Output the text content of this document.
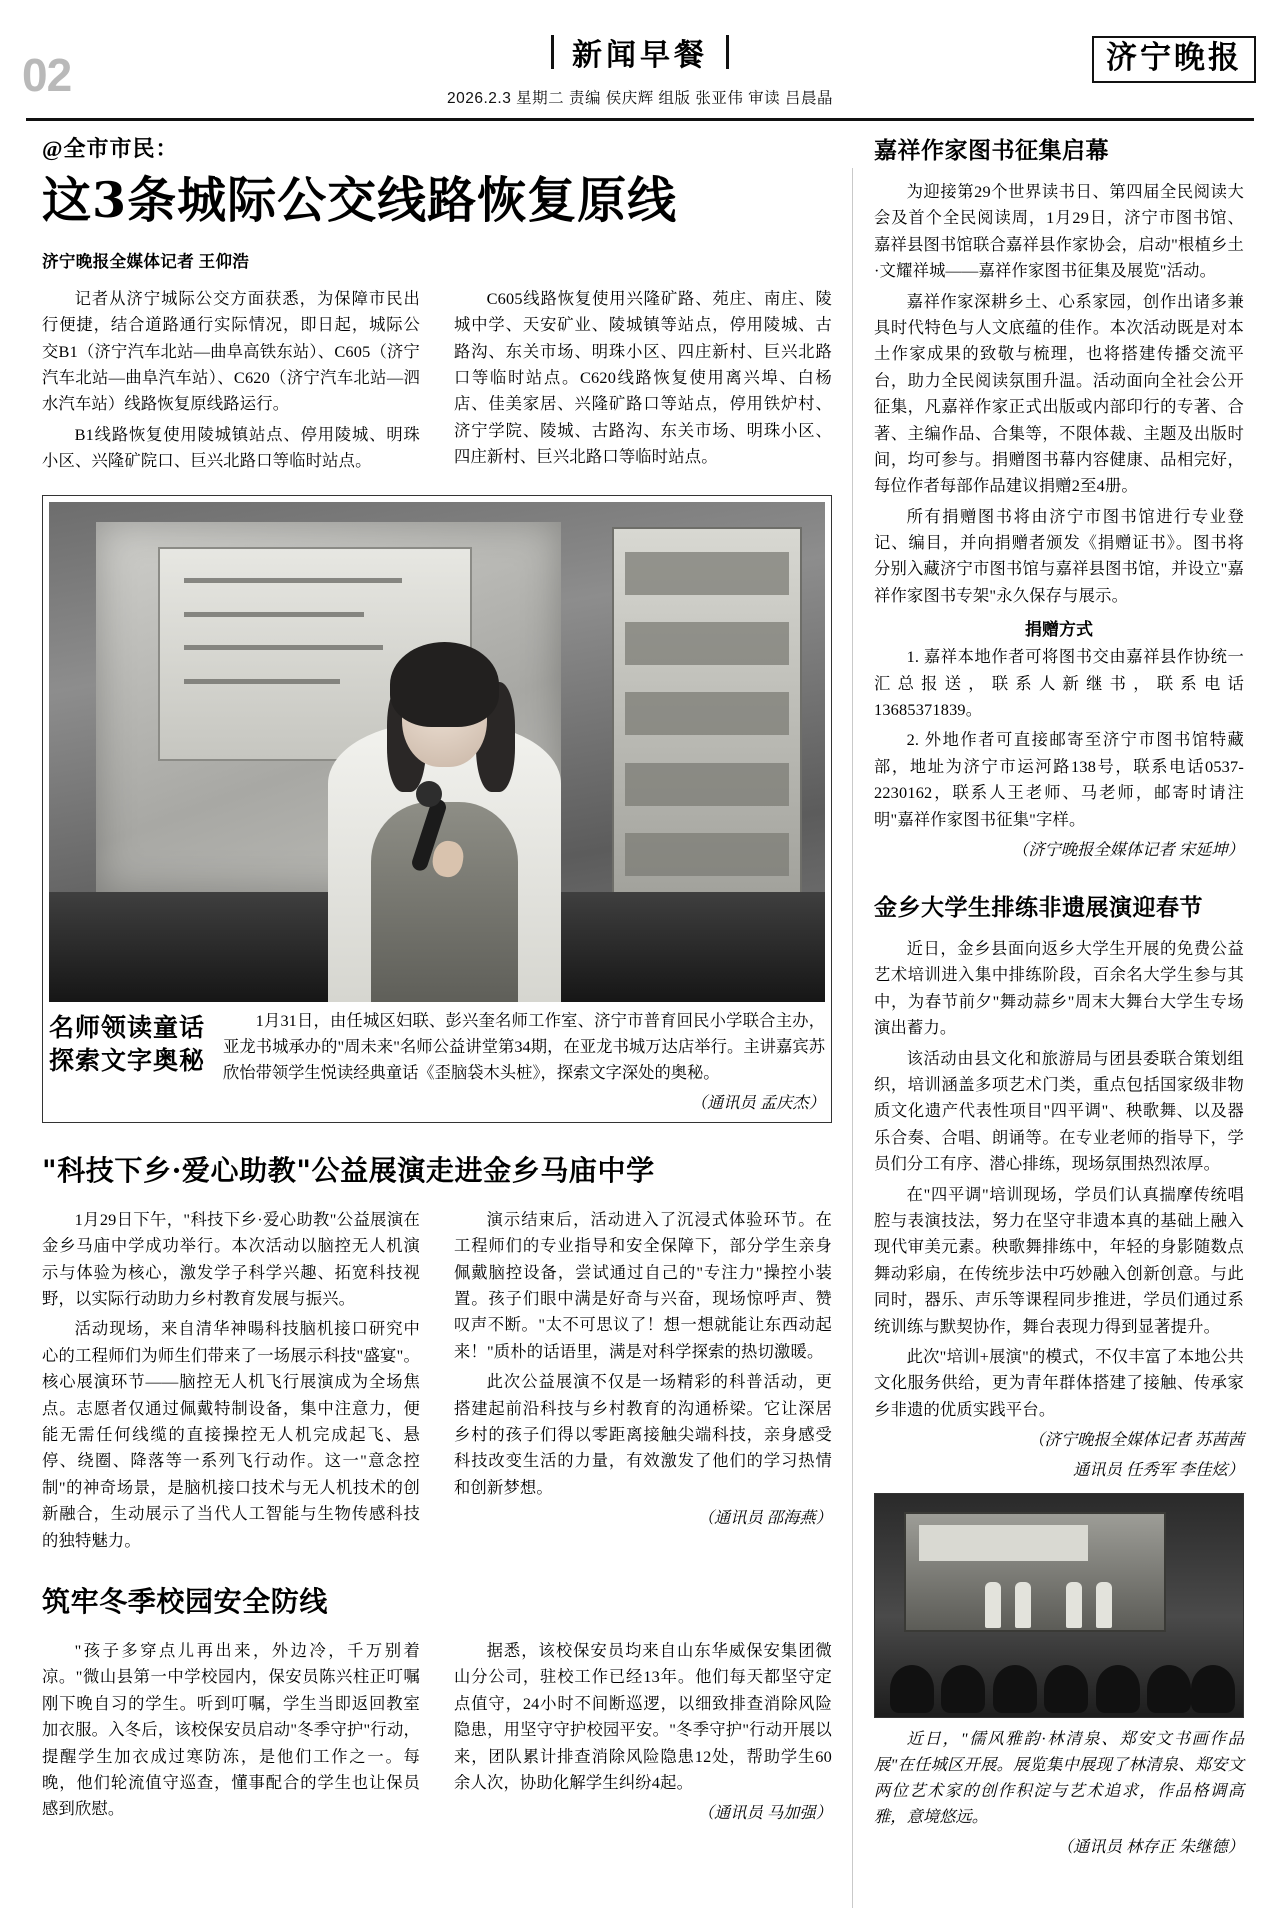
02	新闻早餐
2026.2.3 星期二 责编 侯庆辉 组版 张亚伟 审读 吕晨晶
济宁晚报
@全市市民：
这3条城际公交线路恢复原线
济宁晚报全媒体记者 王仰浩

记者从济宁城际公交方面获悉，为保障市民出行便捷，结合道路通行实际情况，即日起，城际公交B1（济宁汽车北站—曲阜高铁东站）、C605（济宁汽车北站—曲阜汽车站）、C620（济宁汽车北站—泗水汽车站）线路恢复原线路运行。

B1线路恢复使用陵城镇站点、停用陵城、明珠小区、兴隆矿院口、巨兴北路口等临时站点。

C605线路恢复使用兴隆矿路、苑庄、南庄、陵城中学、天安矿业、陵城镇等站点，停用陵城、古路沟、东关市场、明珠小区、四庄新村、巨兴北路口等临时站点。C620线路恢复使用离兴埠、白杨店、佳美家居、兴隆矿路口等站点，停用铁炉村、济宁学院、陵城、古路沟、东关市场、明珠小区、四庄新村、巨兴北路口等临时站点。

名师领读童话
探索文字奥秘
1月31日，由任城区妇联、彭兴奎名师工作室、济宁市普育回民小学联合主办，亚龙书城承办的"周未来"名师公益讲堂第34期，在亚龙书城万达店举行。主讲嘉宾苏欣怡带领学生悦读经典童话《歪脑袋木头桩》，探索文字深处的奥秘。

（通讯员 孟庆杰）

"科技下乡·爱心助教"公益展演走进金乡马庙中学

1月29日下午，"科技下乡·爱心助教"公益展演在金乡马庙中学成功举行。本次活动以脑控无人机演示与体验为核心，激发学子科学兴趣、拓宽科技视野，以实际行动助力乡村教育发展与振兴。

活动现场，来自清华神暘科技脑机接口研究中心的工程师们为师生们带来了一场展示科技"盛宴"。核心展演环节——脑控无人机飞行展演成为全场焦点。志愿者仅通过佩戴特制设备，集中注意力，便能无需任何线缆的直接操控无人机完成起飞、悬停、绕圈、降落等一系列飞行动作。这一"意念控制"的神奇场景，是脑机接口技术与无人机技术的创新融合，生动展示了当代人工智能与生物传感科技的独特魅力。

演示结束后，活动进入了沉浸式体验环节。在工程师们的专业指导和安全保障下，部分学生亲身佩戴脑控设备，尝试通过自己的"专注力"操控小装置。孩子们眼中满是好奇与兴奋，现场惊呼声、赞叹声不断。"太不可思议了！想一想就能让东西动起来！"质朴的话语里，满是对科学探索的热切激暖。

此次公益展演不仅是一场精彩的科普活动，更搭建起前沿科技与乡村教育的沟通桥梁。它让深居乡村的孩子们得以零距离接触尖端科技，亲身感受科技改变生活的力量，有效激发了他们的学习热情和创新梦想。

（通讯员 邵海燕）

筑牢冬季校园安全防线

"孩子多穿点儿再出来，外边冷，千万别着凉。"微山县第一中学校园内，保安员陈兴柱正叮嘱刚下晚自习的学生。听到叮嘱，学生当即返回教室加衣服。入冬后，该校保安员启动"冬季守护"行动，提醒学生加衣成过寒防冻，是他们工作之一。每晚，他们轮流值守巡查，懂事配合的学生也让保员感到欣慰。

据悉，该校保安员均来自山东华威保安集团微山分公司，驻校工作已经13年。他们每天都坚守定点值守，24小时不间断巡逻，以细致排查消除风险隐患，用坚守守护校园平安。"冬季守护"行动开展以来，团队累计排查消除风险隐患12处，帮助学生60余人次，协助化解学生纠纷4起。

（通讯员 马加强）

嘉祥作家图书征集启幕

为迎接第29个世界读书日、第四届全民阅读大会及首个全民阅读周，1月29日，济宁市图书馆、嘉祥县图书馆联合嘉祥县作家协会，启动"根植乡土·文耀祥城——嘉祥作家图书征集及展览"活动。

嘉祥作家深耕乡土、心系家园，创作出诸多兼具时代特色与人文底蕴的佳作。本次活动既是对本土作家成果的致敬与梳理，也将搭建传播交流平台，助力全民阅读氛围升温。活动面向全社会公开征集，凡嘉祥作家正式出版或内部印行的专著、合著、主编作品、合集等，不限体裁、主题及出版时间，均可参与。捐赠图书幕内容健康、品相完好，每位作者每部作品建议捐赠2至4册。

所有捐赠图书将由济宁市图书馆进行专业登记、编目，并向捐赠者颁发《捐赠证书》。图书将分别入藏济宁市图书馆与嘉祥县图书馆，并设立"嘉祥作家图书专架"永久保存与展示。

捐赠方式

1. 嘉祥本地作者可将图书交由嘉祥县作协统一汇总报送，联系人新继书，联系电话13685371839。

2. 外地作者可直接邮寄至济宁市图书馆特藏部，地址为济宁市运河路138号，联系电话0537-2230162，联系人王老师、马老师，邮寄时请注明"嘉祥作家图书征集"字样。

（济宁晚报全媒体记者 宋延坤）

金乡大学生排练非遗展演迎春节

近日，金乡县面向返乡大学生开展的免费公益艺术培训进入集中排练阶段，百余名大学生参与其中，为春节前夕"舞动蒜乡"周末大舞台大学生专场演出蓄力。

该活动由县文化和旅游局与团县委联合策划组织，培训涵盖多项艺术门类，重点包括国家级非物质文化遗产代表性项目"四平调"、秧歌舞、以及器乐合奏、合唱、朗诵等。在专业老师的指导下，学员们分工有序、潜心排练，现场氛围热烈浓厚。

在"四平调"培训现场，学员们认真揣摩传统唱腔与表演技法，努力在坚守非遗本真的基础上融入现代审美元素。秧歌舞排练中，年轻的身影随数点舞动彩扇，在传统步法中巧妙融入创新创意。与此同时，器乐、声乐等课程同步推进，学员们通过系统训练与默契协作，舞台表现力得到显著提升。

此次"培训+展演"的模式，不仅丰富了本地公共文化服务供给，更为青年群体搭建了接触、传承家乡非遗的优质实践平台。

（济宁晚报全媒体记者 苏茜茜

通讯员 任秀军 李佳炫）

近日，"儒风雅韵·林清泉、郑安文书画作品展"在任城区开展。展览集中展现了林清泉、郑安文两位艺术家的创作积淀与艺术追求，作品格调高雅，意境悠远。

（通讯员 林存正 朱继德）
